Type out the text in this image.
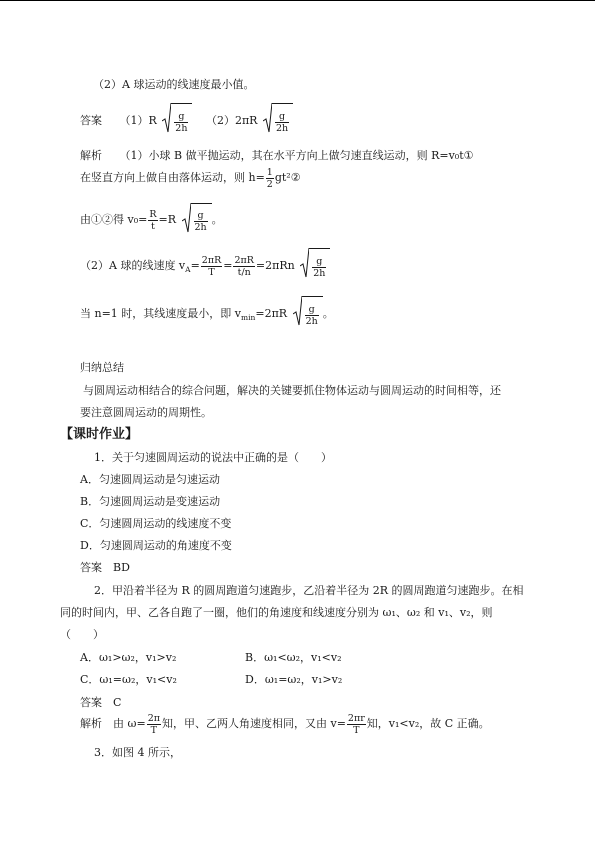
（2）A 球运动的线速度最小值。
答案 $(1)R \frac{g}{2h} (2)2\pi R \frac{g}{2h}$
解析 （1）小球 B 做平抛运动，其在水平方向上做匀速直线运动，则 R=v₀t①
在竖直方向上做自由落体运动，则 $h= \frac{1}{2}$ gt²②
由①②得 $v_0= \frac{R}{t} =R \frac{g}{2h}$ 。
（2）A 球的线速度 $v_A= \frac{2\pi R}{T} = \frac{2\pi R}{t/n} =2\pi Rn \frac{g}{2h}$
当 n=1 时，其线速度最小，即 $v_{min}=2\pi R \frac{g}{2h}$ 。
归纳总结
与圆周运动相结合的综合问题，解决的关键要抓住物体运动与圆周运动的时间相等，还
要注意圆周运动的周期性。
【课时作业】
1．关于匀速圆周运动的说法中正确的是（　　）
A．匀速圆周运动是匀速运动
B．匀速圆周运动是变速运动
C．匀速圆周运动的线速度不变
D．匀速圆周运动的角速度不变
答案　BD
2．甲沿着半径为 R 的圆周跑道匀速跑步，乙沿着半径为 2R 的圆周跑道匀速跑步。在相
同的时间内，甲、乙各自跑了一圈，他们的角速度和线速度分别为 ω₁、ω₂ 和 v₁、v₂，则
（　　）
A．ω₁>ω₂，v₁>v₂	B．ω₁<ω₂，v₁<v₂
C．ω₁=ω₂，v₁<v₂	D．ω₁=ω₂，v₁>v₂
答案　C
解析　由 $\omega= \frac{2\pi}{T}$ 知，甲、乙两人角速度相同，又由 $v= \frac{2\pi r}{T}$ 知，v₁<v₂，故 C 正确。
3．如图 4 所示，
